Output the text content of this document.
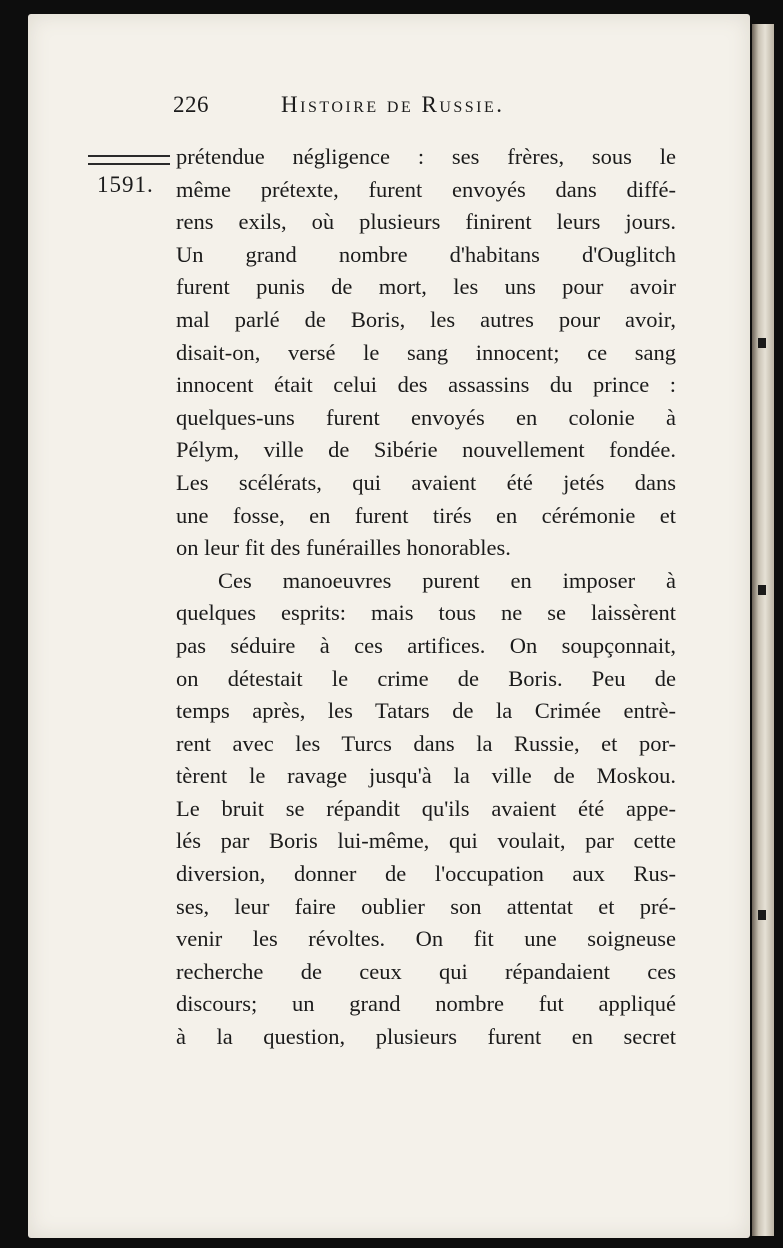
226	Histoire de Russie.
1591.
prétendue négligence : ses frères, sous le
même prétexte, furent envoyés dans diffé-
rens exils, où plusieurs finirent leurs jours.
Un grand nombre d'habitans d'Ouglitch
furent punis de mort, les uns pour avoir
mal parlé de Boris, les autres pour avoir,
disait-on, versé le sang innocent; ce sang
innocent était celui des assassins du prince :
quelques-uns furent envoyés en colonie à
Pélym, ville de Sibérie nouvellement fondée.
Les scélérats, qui avaient été jetés dans
une fosse, en furent tirés en cérémonie et
on leur fit des funérailles honorables.
Ces manoeuvres purent en imposer à
quelques esprits: mais tous ne se laissèrent
pas séduire à ces artifices. On soupçonnait,
on détestait le crime de Boris. Peu de
temps après, les Tatars de la Crimée entrè-
rent avec les Turcs dans la Russie, et por-
tèrent le ravage jusqu'à la ville de Moskou.
Le bruit se répandit qu'ils avaient été appe-
lés par Boris lui-même, qui voulait, par cette
diversion, donner de l'occupation aux Rus-
ses, leur faire oublier son attentat et pré-
venir les révoltes. On fit une soigneuse
recherche de ceux qui répandaient ces
discours; un grand nombre fut appliqué
à la question, plusieurs furent en secret
